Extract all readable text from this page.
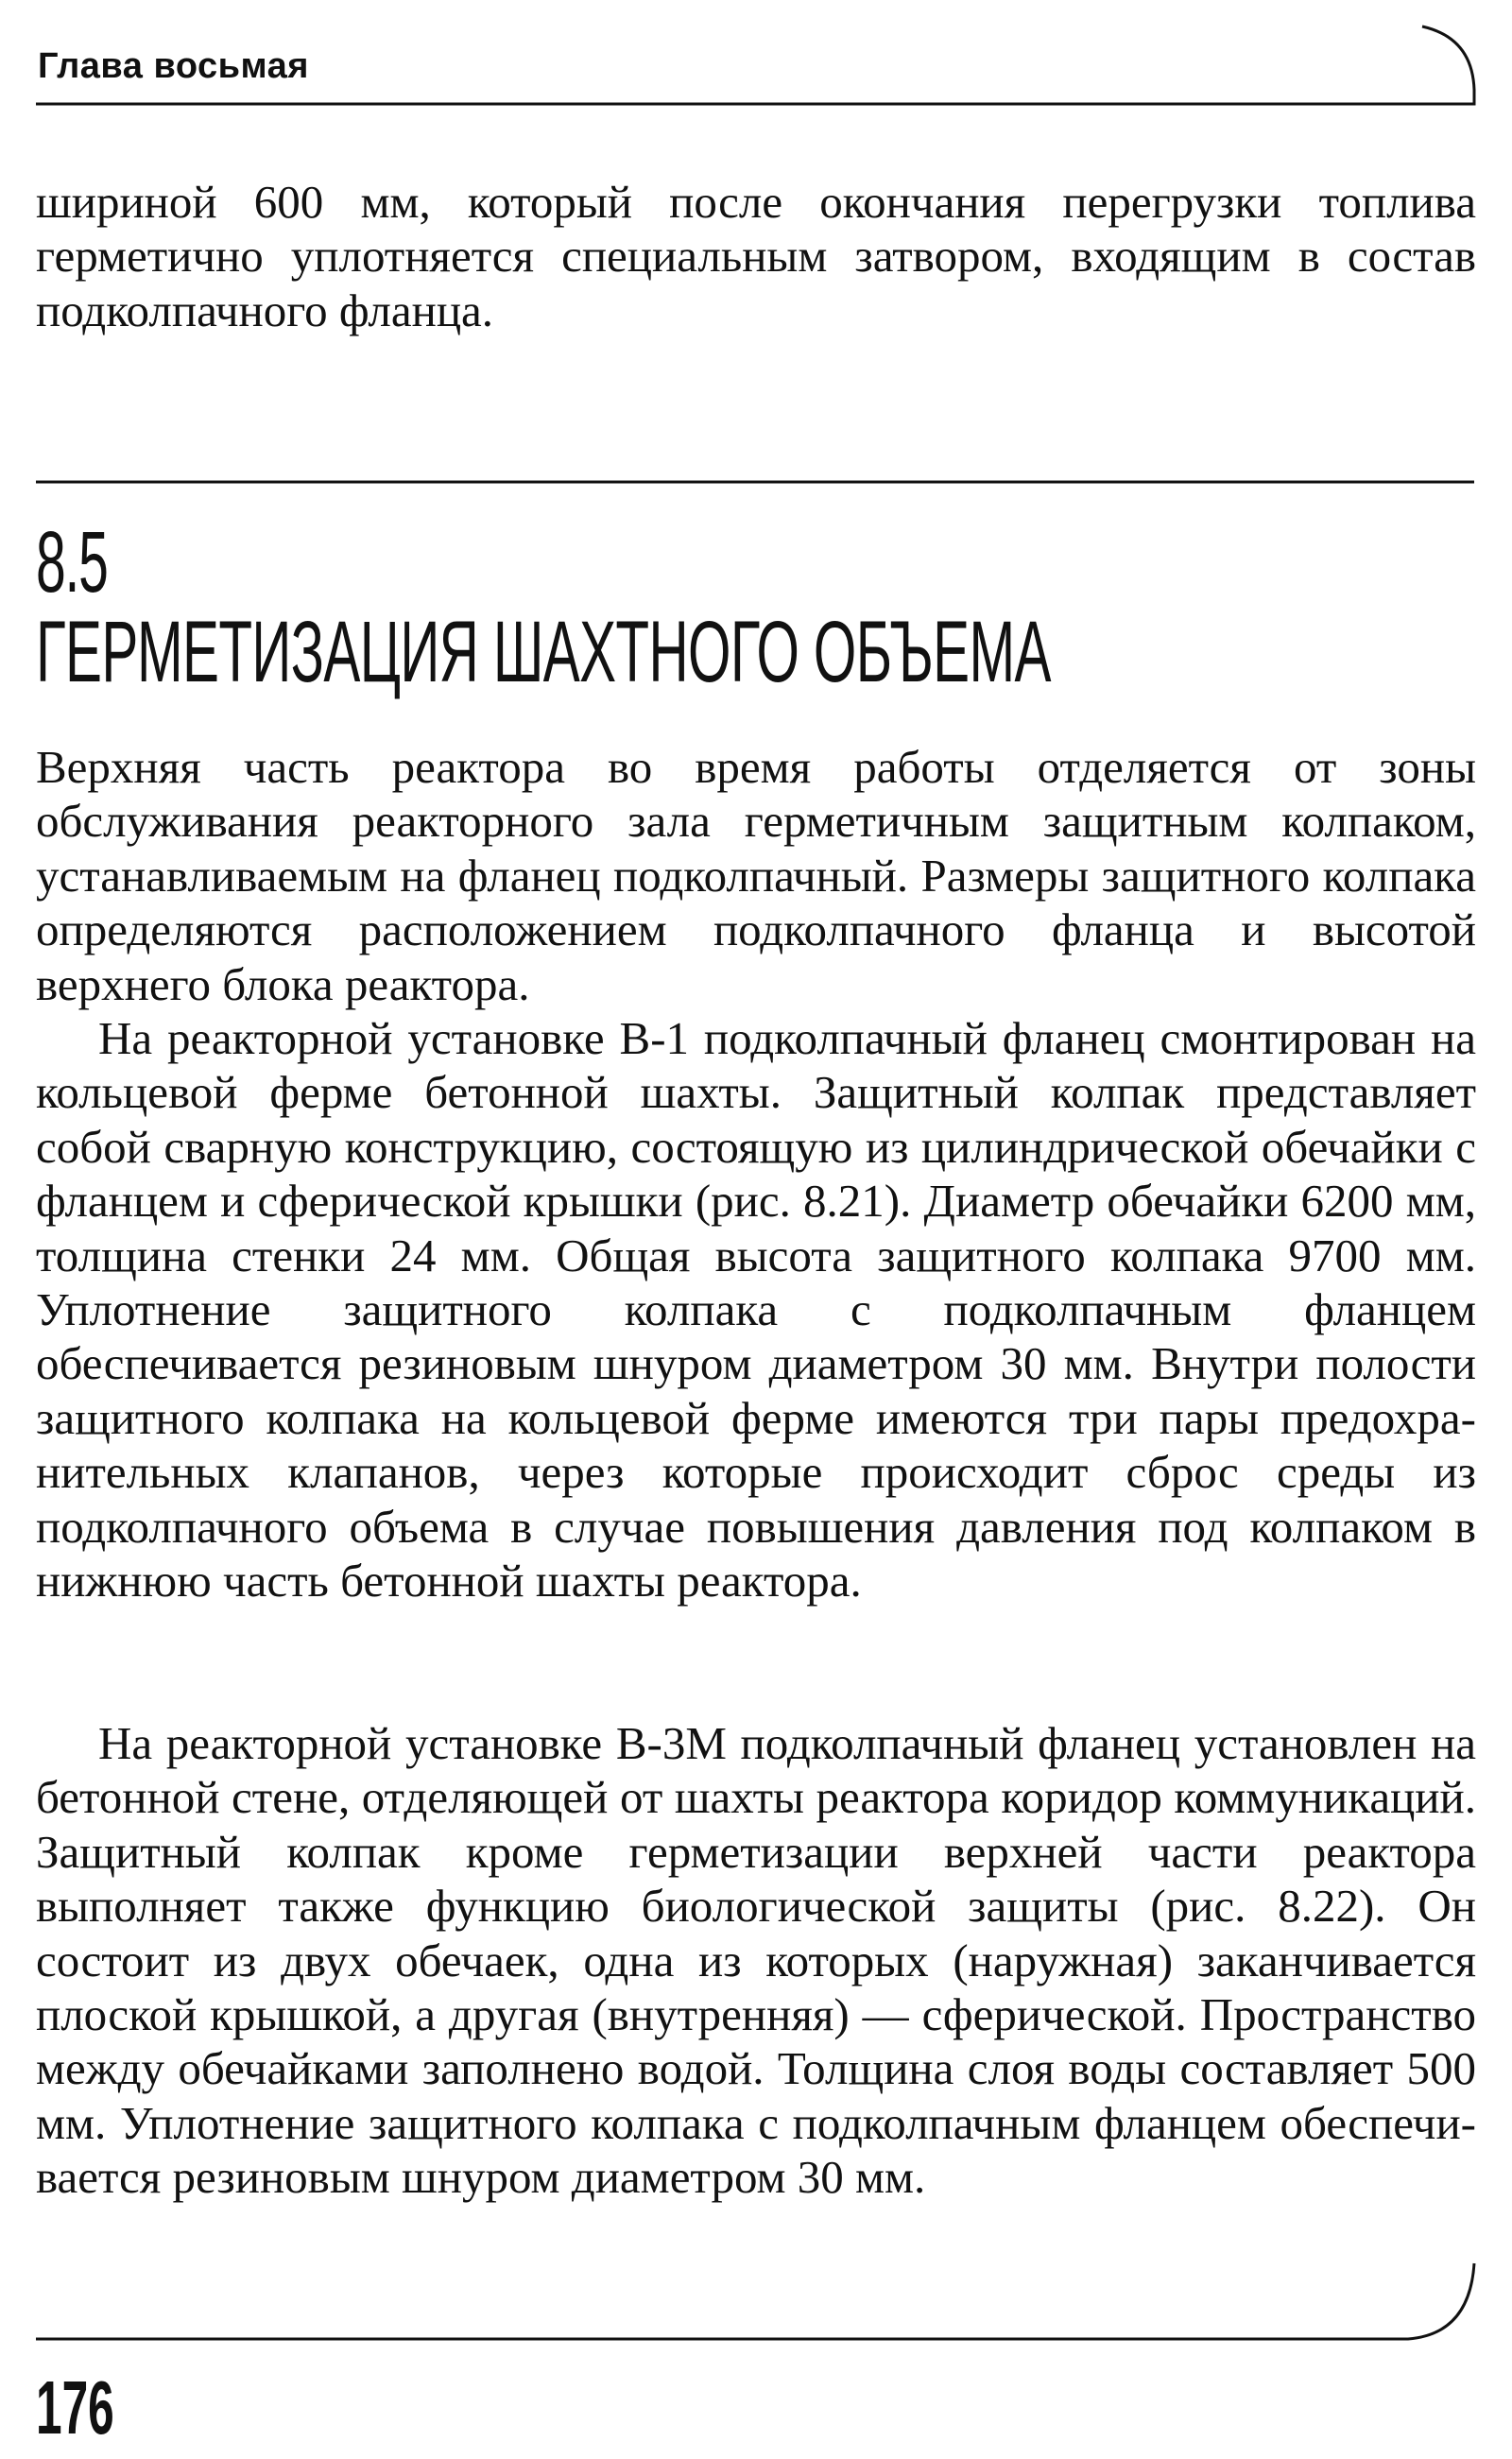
Глава восьмая

шириной 600 мм, который после окончания перегрузки топлива герметично уплотняется специальным затвором, входящим в состав подколпачного фланца.

8.5
ГЕРМЕТИЗАЦИЯ ШАХТНОГО ОБЪЕМА

Верхняя часть реактора во время работы отделяется от зоны обслуживания реакторного зала герметичным защитным колпаком, устанавливаемым на фланец подколпачный. Размеры защитного колпака определяются расположением подколпачного фланца и высотой верхнего блока реактора.

На реакторной установке В-1 подколпачный фланец смонтирован на кольцевой ферме бетонной шахты. Защитный колпак представляет собой сварную конструкцию, состоящую из цилиндрической обечайки с фланцем и сферической крышки (рис. 8.21). Диаметр обечайки 6200 мм, толщина стенки 24 мм. Общая высота защитного колпака 9700 мм. Уплотнение защитного колпака с подколпачным фланцем обеспечивается резиновым шнуром диаметром 30 мм. Внутри полости защитного колпака на кольцевой ферме имеются три пары предохранительных клапанов, через которые происходит сброс среды из подколпачного объема в случае повышения давления под колпаком в нижнюю часть бетонной шахты реактора.

На реакторной установке В-3М подколпачный фланец установлен на бетонной стене, отделяющей от шахты реактора коридор коммуникаций. Защитный колпак кроме герметизации верхней части реактора выполняет также функцию биологической защиты (рис. 8.22). Он состоит из двух обечаек, одна из которых (наружная) заканчивается плоской крышкой, а другая (внутренняя) — сферической. Пространство между обечайками заполнено водой. Толщина слоя воды составляет 500 мм. Уплотнение защитного колпака с подколпачным фланцем обеспечивается резиновым шнуром диаметром 30 мм.

176
